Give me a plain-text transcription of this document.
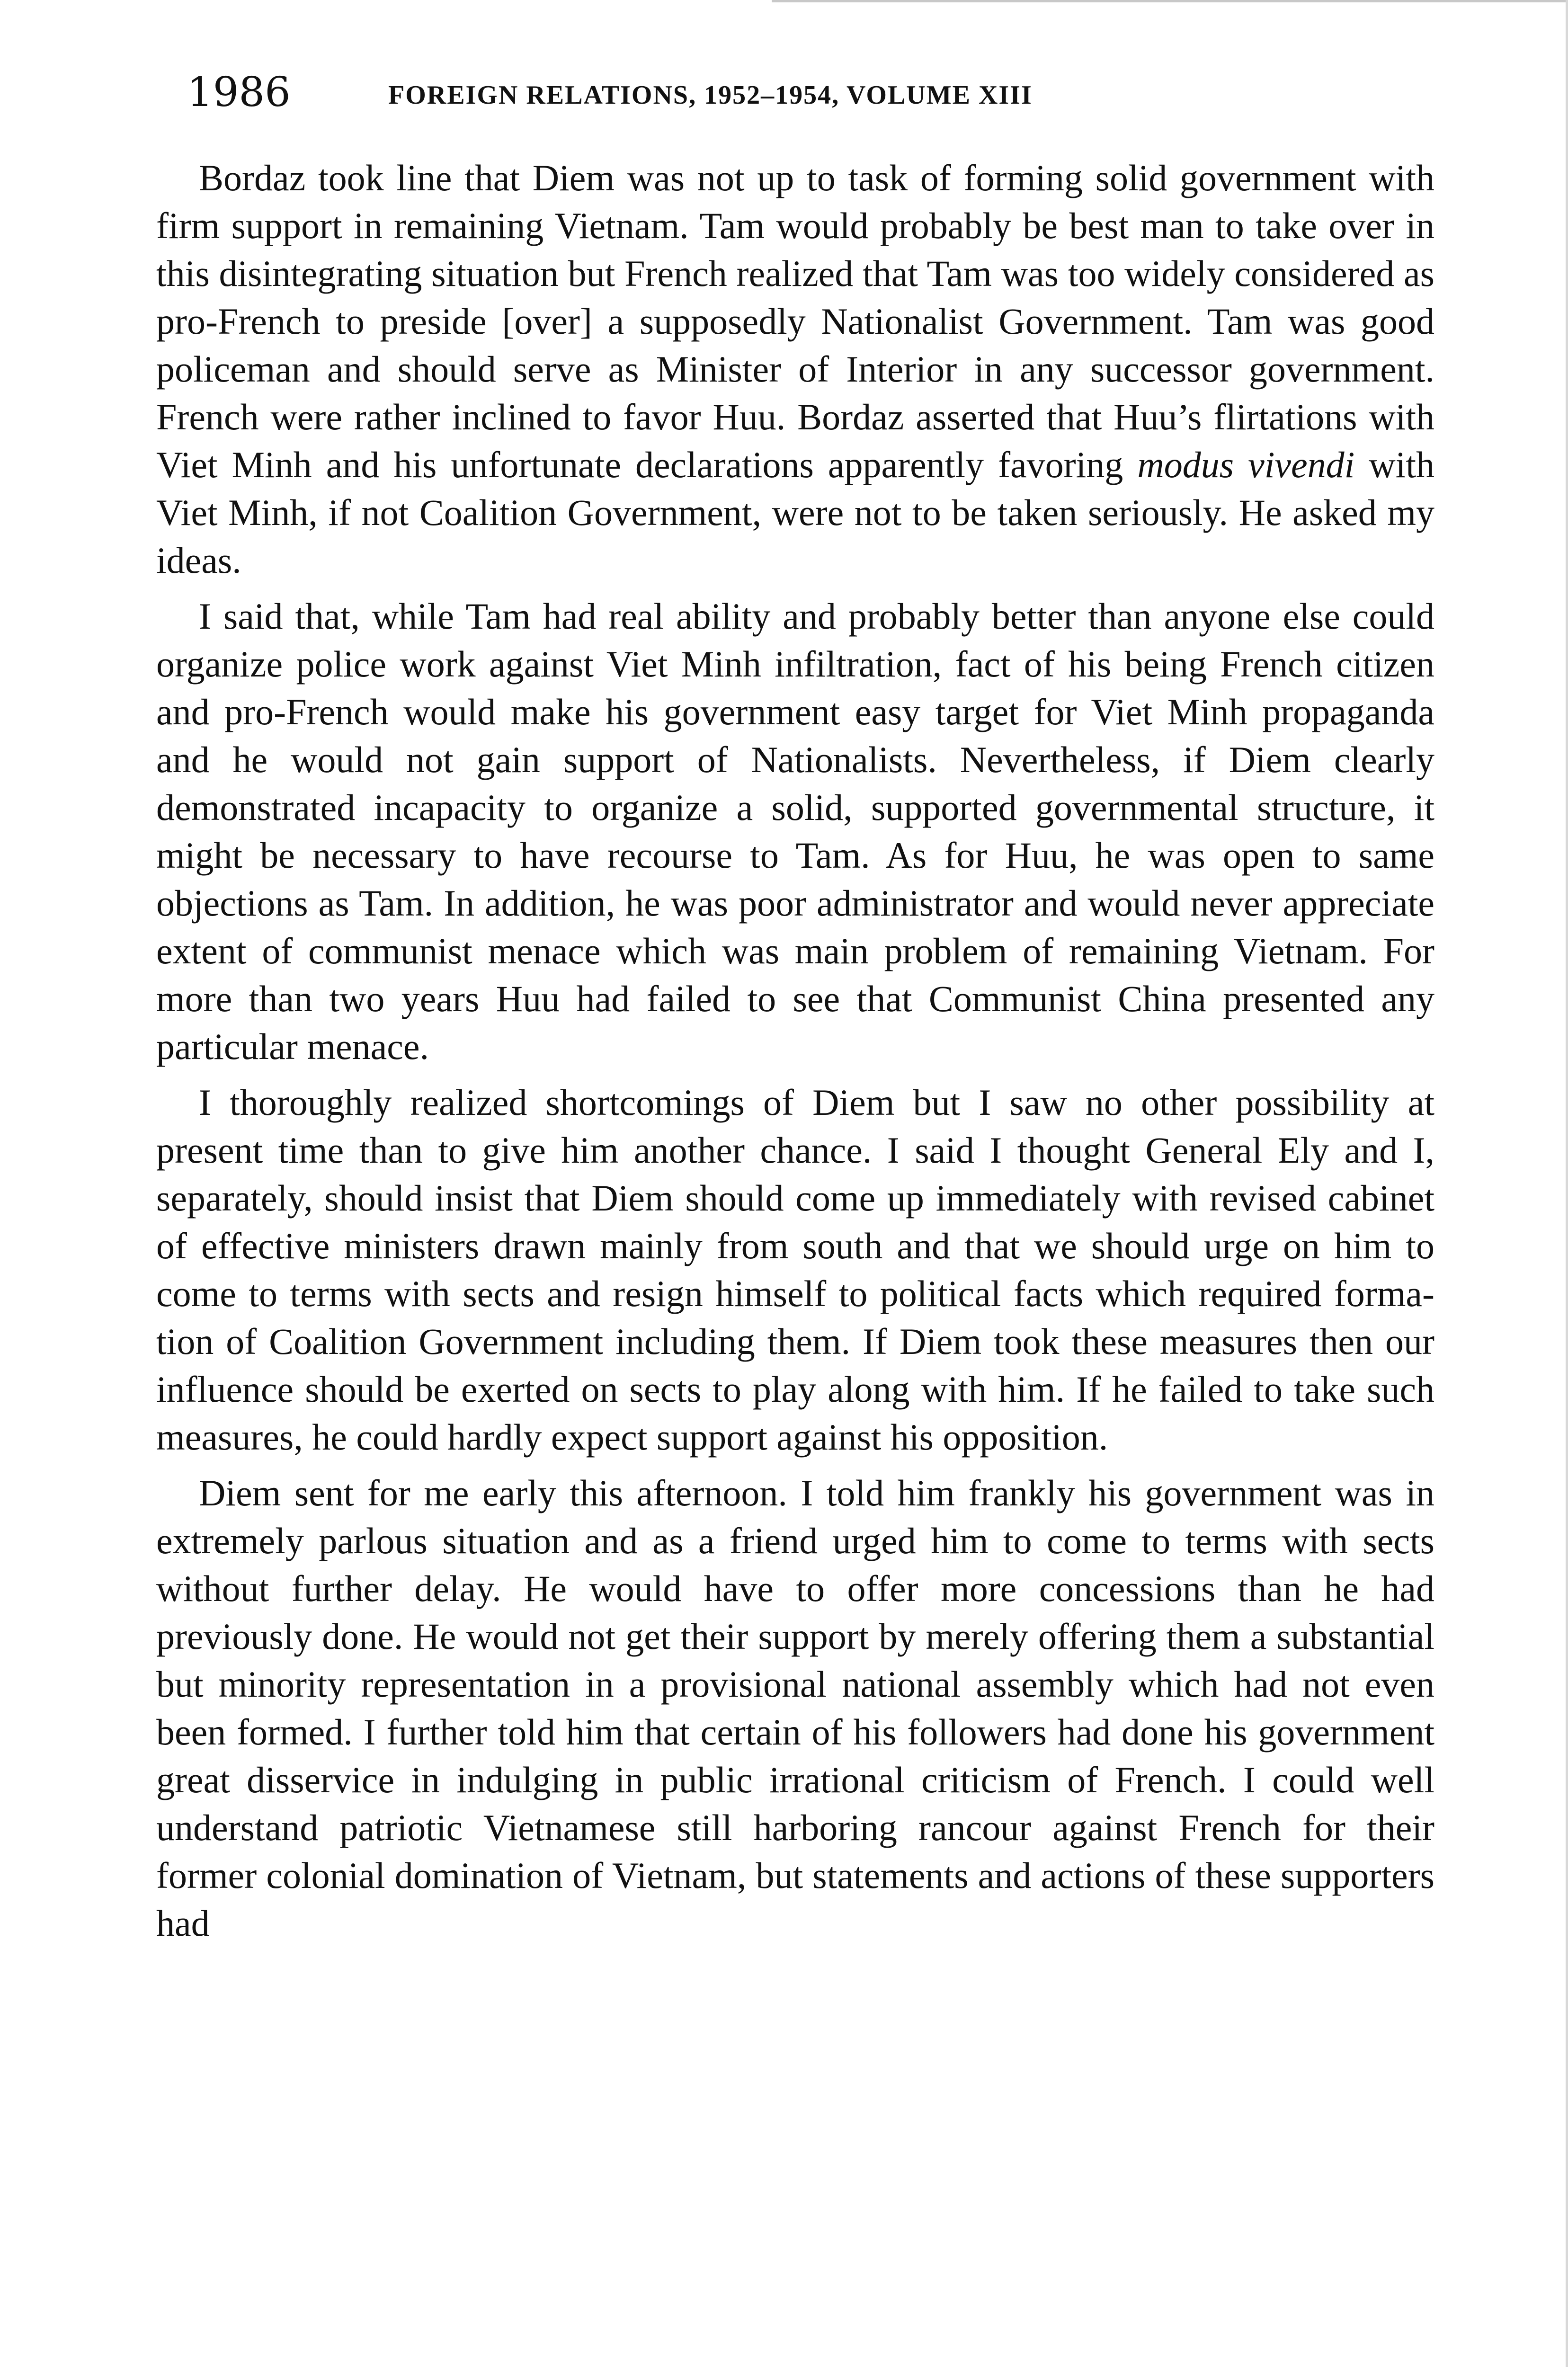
1986	FOREIGN RELATIONS, 1952–1954, VOLUME XIII

Bordaz took line that Diem was not up to task of forming solid government with firm support in remaining Vietnam. Tam would probably be best man to take over in this disintegrating situation but French realized that Tam was too widely considered as pro-French to preside [over] a supposedly Nationalist Government. Tam was good policeman and should serve as Minister of Interior in any successor government. French were rather inclined to favor Huu. Bordaz asserted that Huu’s flirtations with Viet Minh and his unfortunate declarations apparently favoring modus vivendi with Viet Minh, if not Coalition Government, were not to be taken seriously. He asked my ideas.

I said that, while Tam had real ability and probably better than anyone else could organize police work against Viet Minh infiltration, fact of his being French citizen and pro-French would make his government easy target for Viet Minh propaganda and he would not gain support of Nationalists. Nevertheless, if Diem clearly demonstrated incapacity to organize a solid, supported governmental structure, it might be necessary to have recourse to Tam. As for Huu, he was open to same objections as Tam. In addition, he was poor administrator and would never appreciate extent of communist menace which was main problem of remaining Vietnam. For more than two years Huu had failed to see that Communist China presented any particular menace.

I thoroughly realized shortcomings of Diem but I saw no other possibility at present time than to give him another chance. I said I thought General Ely and I, separately, should insist that Diem should come up immediately with revised cabinet of effective ministers drawn mainly from south and that we should urge on him to come to terms with sects and resign himself to political facts which required formation of Coalition Government including them. If Diem took these measures then our influence should be exerted on sects to play along with him. If he failed to take such measures, he could hardly expect support against his opposition.

Diem sent for me early this afternoon. I told him frankly his government was in extremely parlous situation and as a friend urged him to come to terms with sects without further delay. He would have to offer more concessions than he had previously done. He would not get their support by merely offering them a substantial but minority representation in a provisional national assembly which had not even been formed. I further told him that certain of his followers had done his government great disservice in indulging in public irrational criticism of French. I could well understand patriotic Vietnamese still harboring rancour against French for their former colonial domination of Vietnam, but statements and actions of these supporters had
